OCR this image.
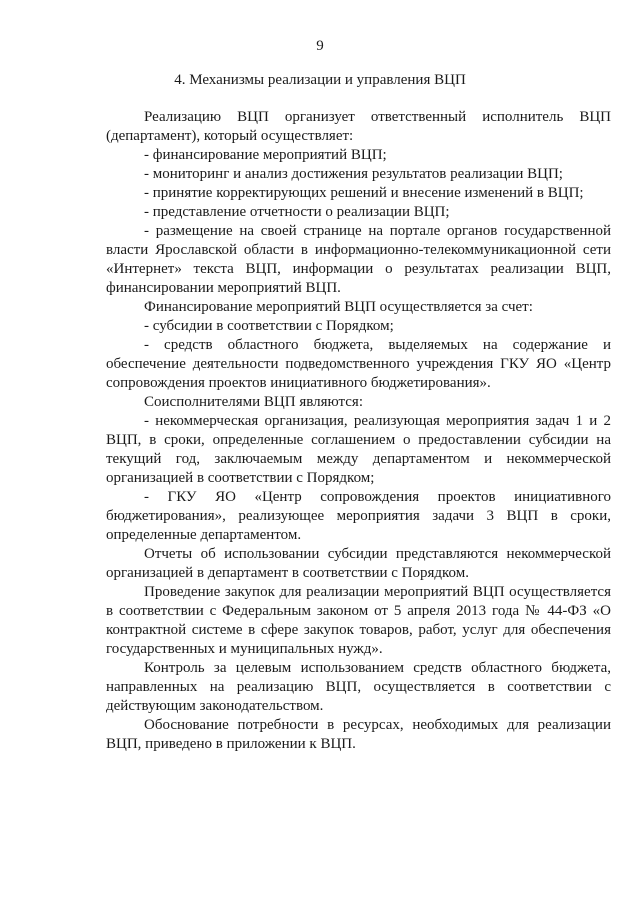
9
4. Механизмы реализации и управления ВЦП

Реализацию ВЦП организует ответственный исполнитель ВЦП (департамент), который осуществляет:

- финансирование мероприятий ВЦП;

- мониторинг и анализ достижения результатов реализации ВЦП;

- принятие корректирующих решений и внесение изменений в ВЦП;

- представление отчетности о реализации ВЦП;

- размещение на своей странице на портале органов государственной власти Ярославской области в информационно-телекоммуникационной сети «Интернет» текста ВЦП, информации о результатах реализации ВЦП, финансировании мероприятий ВЦП.

Финансирование мероприятий ВЦП осуществляется за счет:

- субсидии в соответствии с Порядком;

- средств областного бюджета, выделяемых на содержание и обеспечение деятельности подведомственного учреждения ГКУ ЯО «Центр сопровождения проектов инициативного бюджетирования».

Соисполнителями ВЦП являются:

- некоммерческая организация, реализующая мероприятия задач 1 и 2 ВЦП, в сроки, определенные соглашением о предоставлении субсидии на текущий год, заключаемым между департаментом и некоммерческой организацией в соответствии с Порядком;

- ГКУ ЯО «Центр сопровождения проектов инициативного бюджетирования», реализующее мероприятия задачи 3 ВЦП в сроки, определенные департаментом.

Отчеты об использовании субсидии представляются некоммерческой организацией в департамент в соответствии с Порядком.

Проведение закупок для реализации мероприятий ВЦП осуществляется в соответствии с Федеральным законом от 5 апреля 2013 года № 44-ФЗ «О контрактной системе в сфере закупок товаров, работ, услуг для обеспечения государственных и муниципальных нужд».

Контроль за целевым использованием средств областного бюджета, направленных на реализацию ВЦП, осуществляется в соответствии с действующим законодательством.

Обоснование потребности в ресурсах, необходимых для реализации ВЦП, приведено в приложении к ВЦП.
